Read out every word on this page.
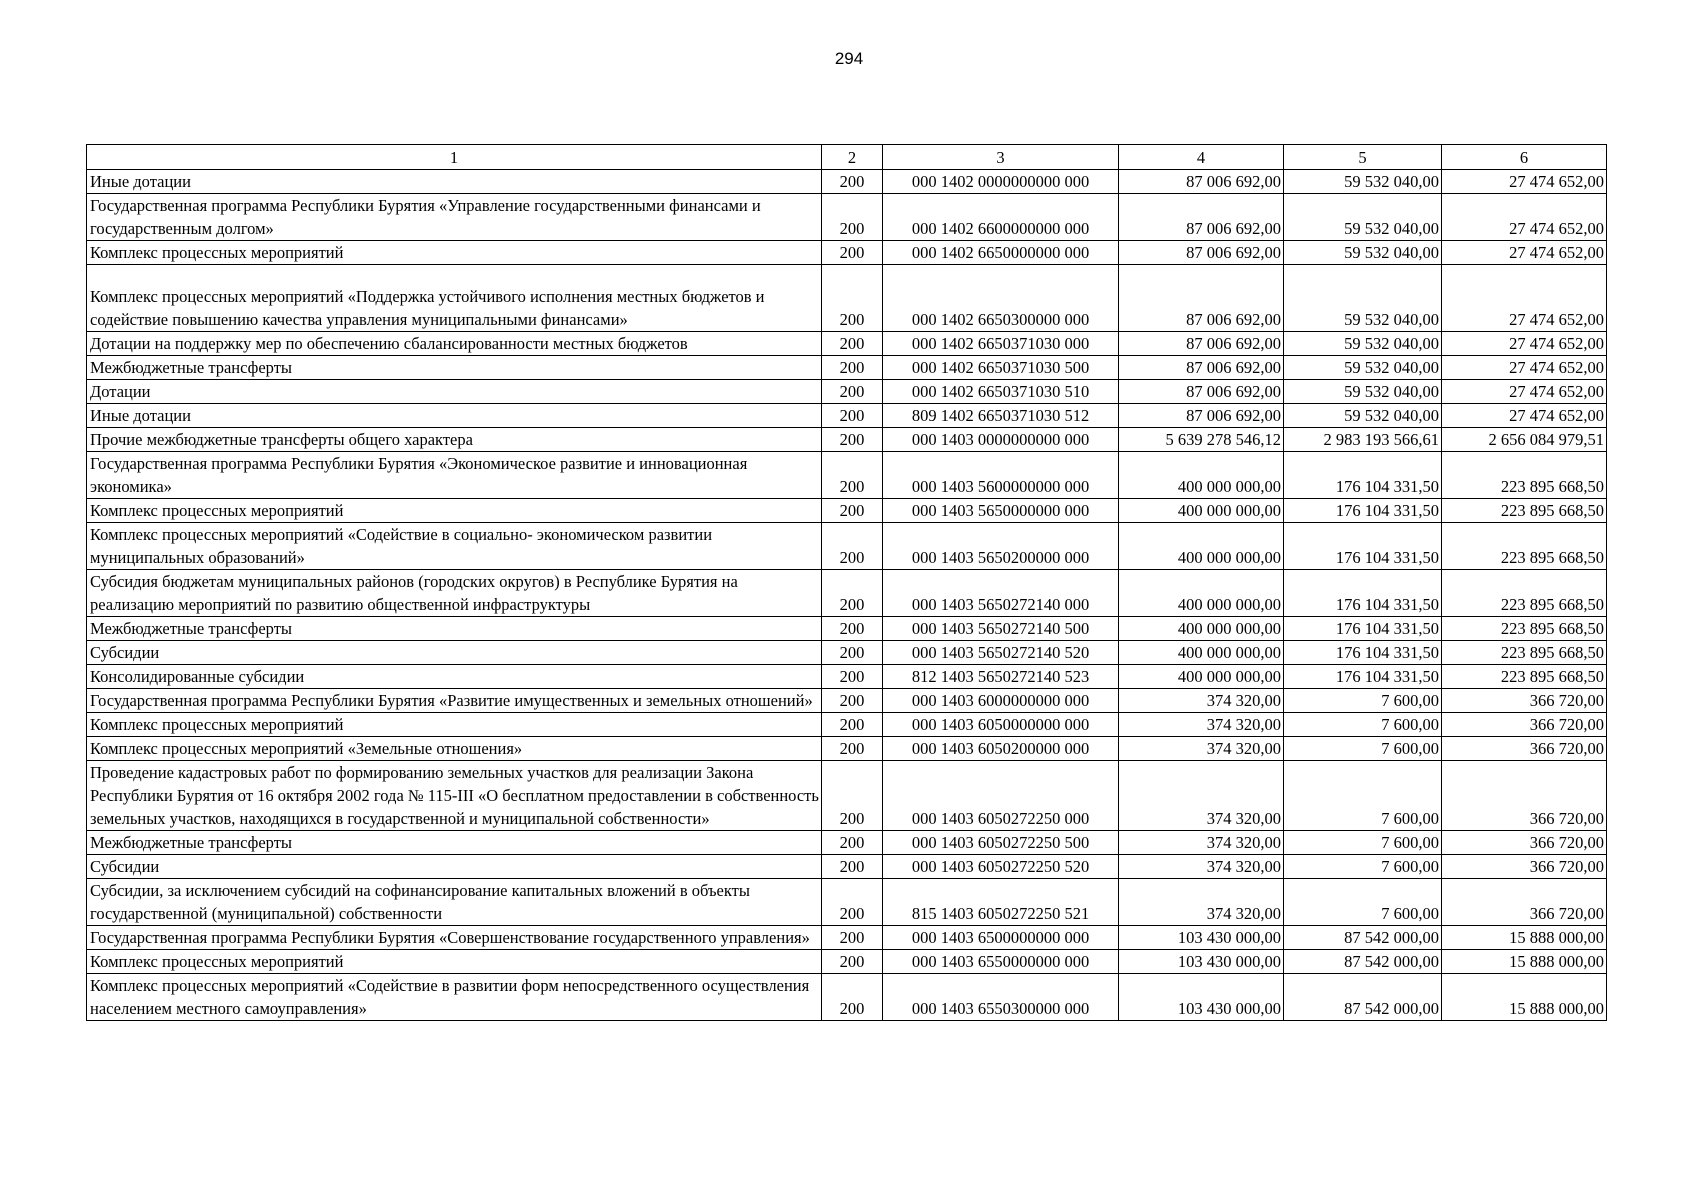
294
1	2	3	4	5	6
Иные дотации	200	000 1402 0000000000 000	87 006 692,00	59 532 040,00	27 474 652,00
Государственная программа Республики Бурятия «Управление государственными финансами и государственным долгом»	200	000 1402 6600000000 000	87 006 692,00	59 532 040,00	27 474 652,00
Комплекс процессных мероприятий	200	000 1402 6650000000 000	87 006 692,00	59 532 040,00	27 474 652,00
Комплекс процессных мероприятий «Поддержка устойчивого исполнения местных бюджетов и содействие повышению качества управления муниципальными финансами»	200	000 1402 6650300000 000	87 006 692,00	59 532 040,00	27 474 652,00
Дотации на поддержку мер по обеспечению сбалансированности местных бюджетов	200	000 1402 6650371030 000	87 006 692,00	59 532 040,00	27 474 652,00
Межбюджетные трансферты	200	000 1402 6650371030 500	87 006 692,00	59 532 040,00	27 474 652,00
Дотации	200	000 1402 6650371030 510	87 006 692,00	59 532 040,00	27 474 652,00
Иные дотации	200	809 1402 6650371030 512	87 006 692,00	59 532 040,00	27 474 652,00
Прочие межбюджетные трансферты общего характера	200	000 1403 0000000000 000	5 639 278 546,12	2 983 193 566,61	2 656 084 979,51
Государственная программа Республики Бурятия «Экономическое развитие и инновационная экономика»	200	000 1403 5600000000 000	400 000 000,00	176 104 331,50	223 895 668,50
Комплекс процессных мероприятий	200	000 1403 5650000000 000	400 000 000,00	176 104 331,50	223 895 668,50
Комплекс процессных мероприятий «Содействие в социально- экономическом развитии муниципальных образований»	200	000 1403 5650200000 000	400 000 000,00	176 104 331,50	223 895 668,50
Субсидия бюджетам муниципальных районов (городских округов) в Республике Бурятия на реализацию мероприятий по развитию общественной инфраструктуры	200	000 1403 5650272140 000	400 000 000,00	176 104 331,50	223 895 668,50
Межбюджетные трансферты	200	000 1403 5650272140 500	400 000 000,00	176 104 331,50	223 895 668,50
Субсидии	200	000 1403 5650272140 520	400 000 000,00	176 104 331,50	223 895 668,50
Консолидированные субсидии	200	812 1403 5650272140 523	400 000 000,00	176 104 331,50	223 895 668,50
Государственная программа Республики Бурятия «Развитие имущественных и земельных отношений»	200	000 1403 6000000000 000	374 320,00	7 600,00	366 720,00
Комплекс процессных мероприятий	200	000 1403 6050000000 000	374 320,00	7 600,00	366 720,00
Комплекс процессных мероприятий «Земельные отношения»	200	000 1403 6050200000 000	374 320,00	7 600,00	366 720,00
Проведение кадастровых работ по формированию земельных участков для реализации Закона Республики Бурятия от 16 октября 2002 года № 115-III «О бесплатном предоставлении в собственность земельных участков, находящихся в государственной и муниципальной собственности»	200	000 1403 6050272250 000	374 320,00	7 600,00	366 720,00
Межбюджетные трансферты	200	000 1403 6050272250 500	374 320,00	7 600,00	366 720,00
Субсидии	200	000 1403 6050272250 520	374 320,00	7 600,00	366 720,00
Субсидии, за исключением субсидий на софинансирование капитальных вложений в объекты государственной (муниципальной) собственности	200	815 1403 6050272250 521	374 320,00	7 600,00	366 720,00
Государственная программа Республики Бурятия «Совершенствование государственного управления»	200	000 1403 6500000000 000	103 430 000,00	87 542 000,00	15 888 000,00
Комплекс процессных мероприятий	200	000 1403 6550000000 000	103 430 000,00	87 542 000,00	15 888 000,00
Комплекс процессных мероприятий «Содействие в развитии форм непосредственного осуществления населением местного самоуправления»	200	000 1403 6550300000 000	103 430 000,00	87 542 000,00	15 888 000,00
